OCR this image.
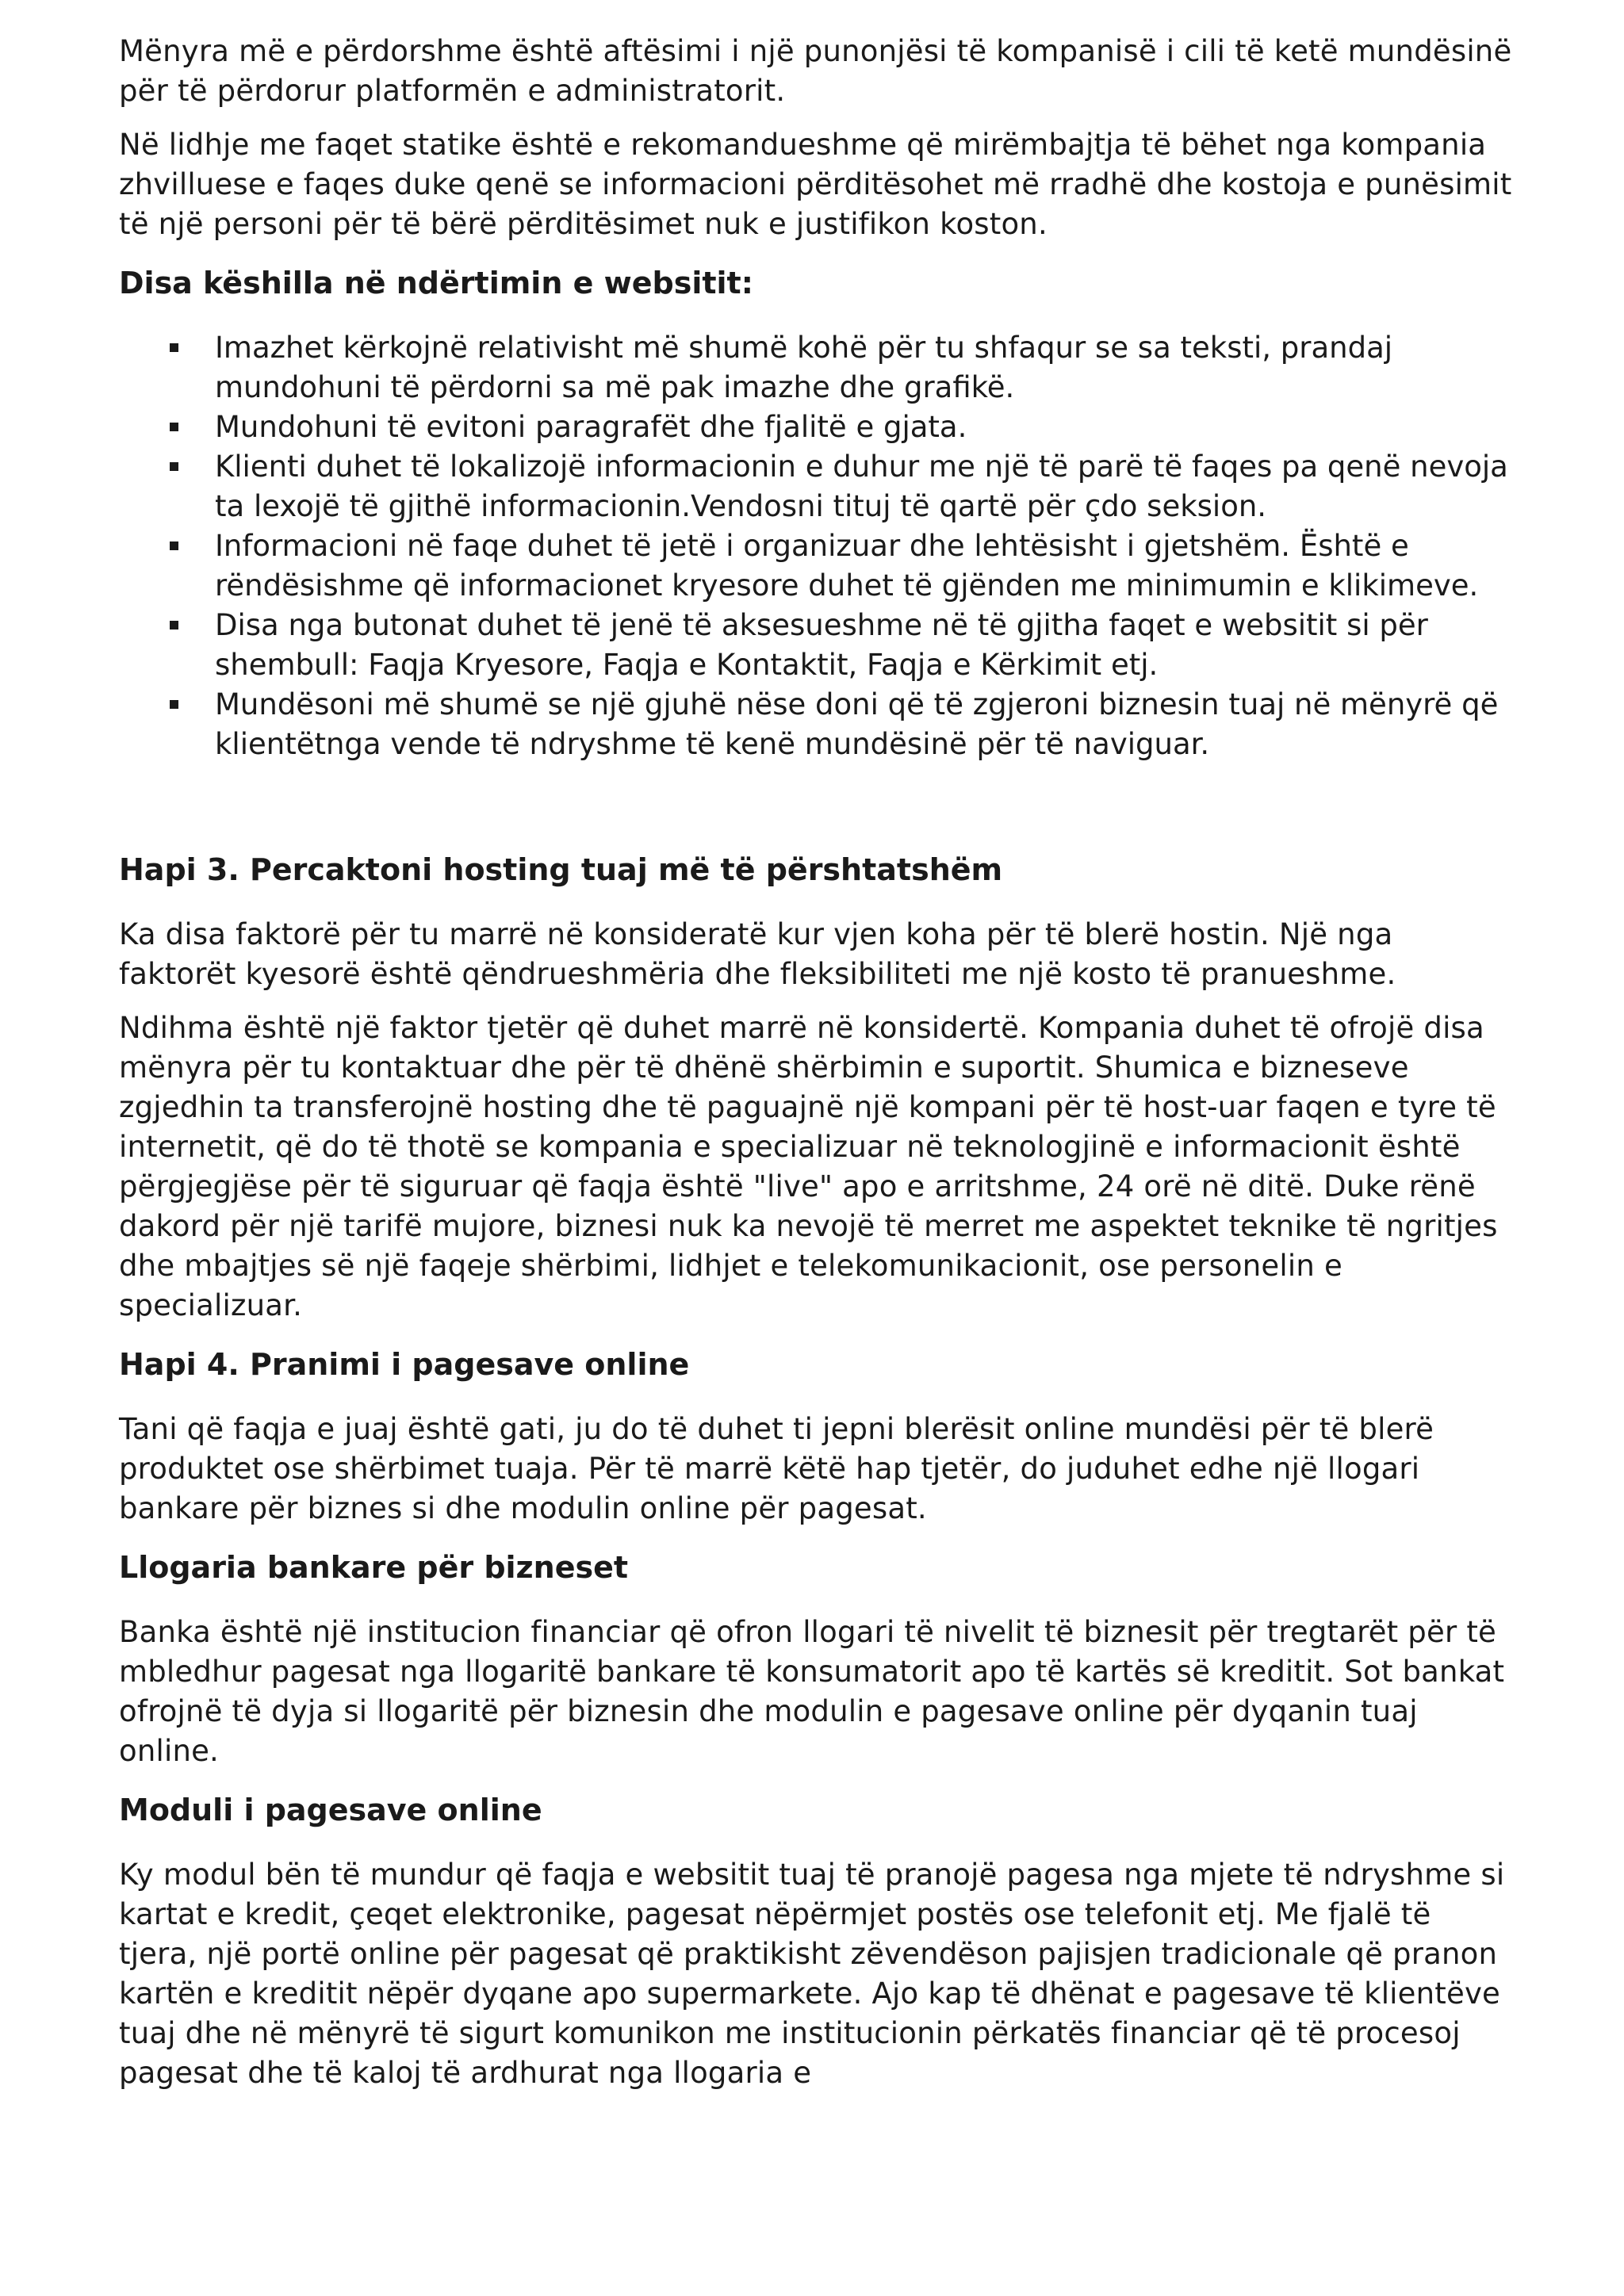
Mënyra më e përdorshme është aftësimi i një punonjësi të kompanisë i cili të ketë mundësinë për të përdorur platformën e administratorit.

Në lidhje me faqet statike është e rekomandueshme që mirëmbajtja të bëhet nga kompania zhvilluese e faqes duke qenë se informacioni përditësohet më rradhë dhe kostoja e punësimit të një personi për të bërë përditësimet nuk e justifikon koston.

Disa këshilla në ndërtimin e websitit:
Imazhet kërkojnë relativisht më shumë kohë për tu shfaqur se sa teksti, prandaj mundohuni të përdorni sa më pak imazhe dhe grafikë.
Mundohuni të evitoni paragrafët dhe fjalitë e gjata.
Klienti duhet të lokalizojë informacionin e duhur me një të parë të faqes pa qenë nevoja ta lexojë të gjithë informacionin.Vendosni tituj të qartë për çdo seksion.
Informacioni në faqe duhet të jetë i organizuar dhe lehtësisht i gjetshëm. Është e rëndësishme që informacionet kryesore duhet të gjënden me minimumin e klikimeve.
Disa nga butonat duhet të jenë të aksesueshme në të gjitha faqet e websitit si për shembull: Faqja Kryesore, Faqja e Kontaktit, Faqja e Kërkimit etj.
Mundësoni më shumë se një gjuhë nëse doni që të zgjeroni biznesin tuaj në mënyrë që klientëtnga vende të ndryshme të kenë mundësinë për të naviguar.
Hapi 3. Percaktoni hosting tuaj më të përshtatshëm

Ka disa faktorë për tu marrë në konsideratë kur vjen koha për të blerë hostin. Një nga faktorët kyesorë është qëndrueshmëria dhe fleksibiliteti me një kosto të pranueshme.

Ndihma është një faktor tjetër që duhet marrë në konsidertë. Kompania duhet të ofrojë disa mënyra për tu kontaktuar dhe për të dhënë shërbimin e suportit. Shumica e bizneseve zgjedhin ta transferojnë hosting dhe të paguajnë një kompani për të host-uar faqen e tyre të internetit, që do të thotë se kompania e specializuar në teknologjinë e informacionit është përgjegjëse për të siguruar që faqja është "live" apo e arritshme, 24 orë në ditë. Duke rënë dakord për një tarifë mujore, biznesi nuk ka nevojë të merret me aspektet teknike të ngritjes dhe mbajtjes së një faqeje shërbimi, lidhjet e telekomunikacionit, ose personelin e specializuar.

Hapi 4. Pranimi i pagesave online

Tani që faqja e juaj është gati, ju do të duhet ti jepni blerësit online mundësi për të blerë produktet ose shërbimet tuaja. Për të marrë këtë hap tjetër, do juduhet edhe një llogari bankare për biznes si dhe modulin online për pagesat.

Llogaria bankare për bizneset

Banka është një institucion financiar që ofron llogari të nivelit të biznesit për tregtarët për të mbledhur pagesat nga llogaritë bankare të konsumatorit apo të kartës së kreditit. Sot bankat ofrojnë të dyja si llogaritë për biznesin dhe modulin e pagesave online për dyqanin tuaj online.

Moduli i pagesave online

Ky modul bën të mundur që faqja e websitit tuaj të pranojë pagesa nga mjete të ndryshme si kartat e kredit, çeqet elektronike, pagesat nëpërmjet postës ose telefonit etj. Me fjalë të tjera, një portë online për pagesat që praktikisht zëvendëson pajisjen tradicionale që pranon kartën e kreditit nëpër dyqane apo supermarkete. Ajo kap të dhënat e pagesave të klientëve tuaj dhe në mënyrë të sigurt komunikon me institucionin përkatës financiar që të procesoj pagesat dhe të kaloj të ardhurat nga llogaria e
